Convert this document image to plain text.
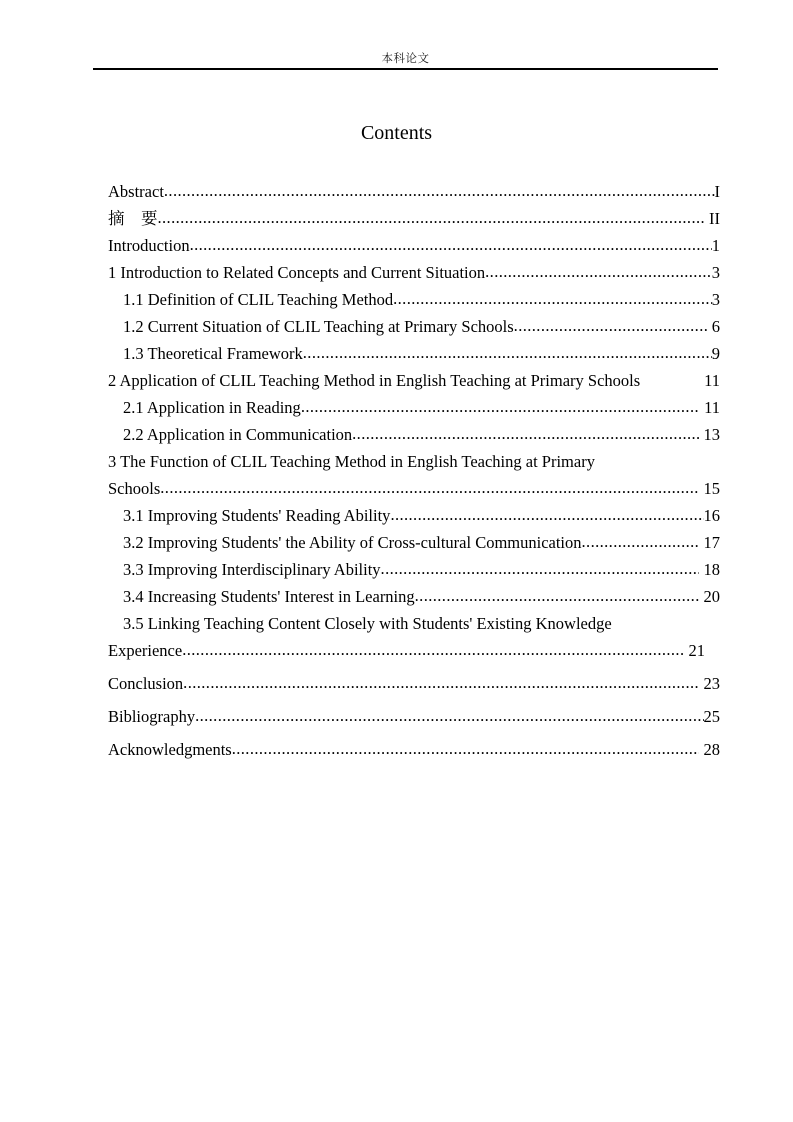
本科论文
Contents
Abstract .....	I
摘　要 .....	II
Introduction .....	1
1 Introduction to Related Concepts and Current Situation .....	3
1.1 Definition of CLIL Teaching Method .....	3
1.2 Current Situation of CLIL Teaching at Primary Schools .....	6
1.3 Theoretical Framework .....	9
2 Application of CLIL Teaching Method in English Teaching at Primary Schools	11
2.1 Application in Reading .....	11
2.2 Application in Communication .....	13
3 The Function of CLIL Teaching Method in English Teaching at Primary
Schools .....	15
3.1 Improving Students' Reading Ability .....	16
3.2 Improving Students' the Ability of Cross-cultural Communication .....	17
3.3 Improving Interdisciplinary Ability .....	18
3.4 Increasing Students' Interest in Learning .....	20
3.5 Linking Teaching Content Closely with Students' Existing Knowledge
Experience .....	21
Conclusion .....	23
Bibliography .....	25
Acknowledgments .....	28
